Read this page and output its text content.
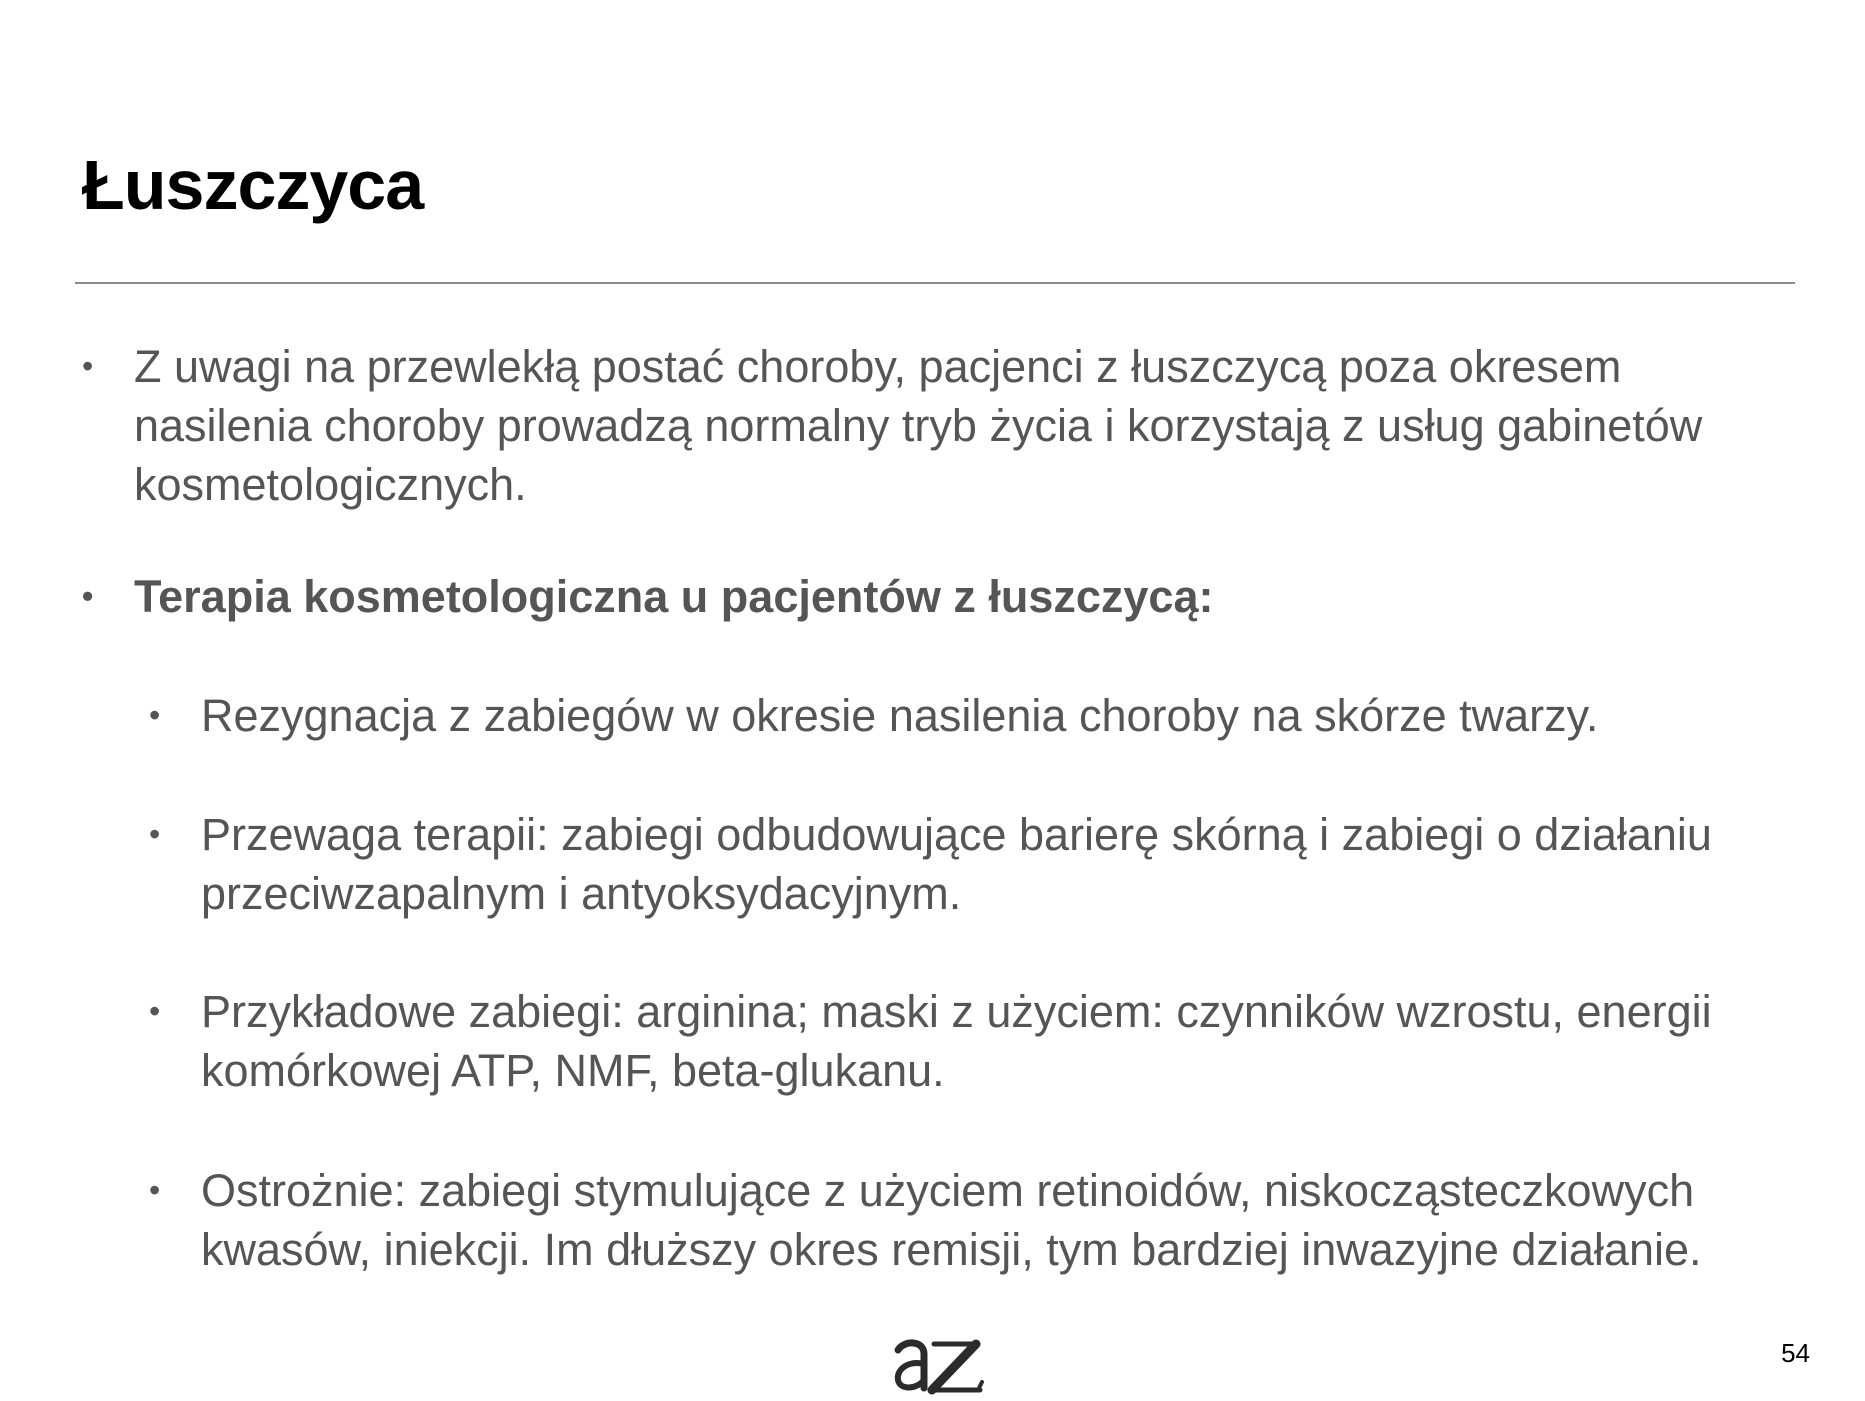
Łuszczyca
• Z uwagi na przewlekłą postać choroby, pacjenci z łuszczycą poza okresem nasilenia choroby prowadzą normalny tryb życia i korzystają z usług gabinetów kosmetologicznych.
• Terapia kosmetologiczna u pacjentów z łuszczycą:
• Rezygnacja z zabiegów w okresie nasilenia choroby na skórze twarzy.
• Przewaga terapii: zabiegi odbudowujące barierę skórną i zabiegi o działaniu przeciwzapalnym i antyoksydacyjnym.
• Przykładowe zabiegi: arginina; maski z użyciem: czynników wzrostu, energii komórkowej ATP, NMF, beta-glukanu.
• Ostrożnie: zabiegi stymulujące z użyciem retinoidów, niskocząsteczkowych kwasów, iniekcji. Im dłuższy okres remisji, tym bardziej inwazyjne działanie.
54
